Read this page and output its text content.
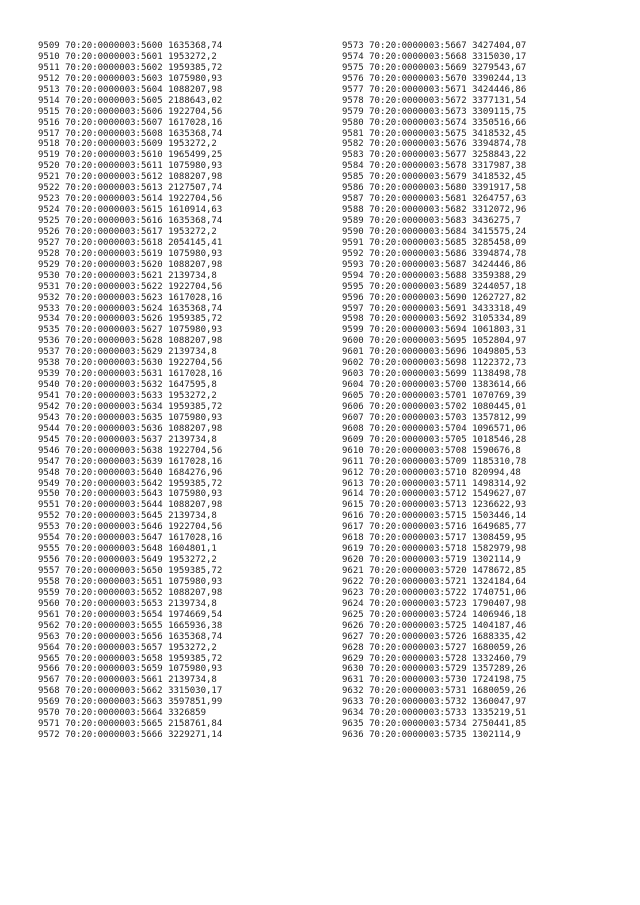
9509 70:20:0000003:5600 1635368,74
9510 70:20:0000003:5601 1953272,2
9511 70:20:0000003:5602 1959385,72
9512 70:20:0000003:5603 1075980,93
9513 70:20:0000003:5604 1088207,98
9514 70:20:0000003:5605 2188643,02
9515 70:20:0000003:5606 1922704,56
9516 70:20:0000003:5607 1617028,16
9517 70:20:0000003:5608 1635368,74
9518 70:20:0000003:5609 1953272,2
9519 70:20:0000003:5610 1965499,25
9520 70:20:0000003:5611 1075980,93
9521 70:20:0000003:5612 1088207,98
9522 70:20:0000003:5613 2127507,74
9523 70:20:0000003:5614 1922704,56
9524 70:20:0000003:5615 1610914,63
9525 70:20:0000003:5616 1635368,74
9526 70:20:0000003:5617 1953272,2
9527 70:20:0000003:5618 2054145,41
9528 70:20:0000003:5619 1075980,93
9529 70:20:0000003:5620 1088207,98
9530 70:20:0000003:5621 2139734,8
9531 70:20:0000003:5622 1922704,56
9532 70:20:0000003:5623 1617028,16
9533 70:20:0000003:5624 1635368,74
9534 70:20:0000003:5626 1959385,72
9535 70:20:0000003:5627 1075980,93
9536 70:20:0000003:5628 1088207,98
9537 70:20:0000003:5629 2139734,8
9538 70:20:0000003:5630 1922704,56
9539 70:20:0000003:5631 1617028,16
9540 70:20:0000003:5632 1647595,8
9541 70:20:0000003:5633 1953272,2
9542 70:20:0000003:5634 1959385,72
9543 70:20:0000003:5635 1075980,93
9544 70:20:0000003:5636 1088207,98
9545 70:20:0000003:5637 2139734,8
9546 70:20:0000003:5638 1922704,56
9547 70:20:0000003:5639 1617028,16
9548 70:20:0000003:5640 1684276,96
9549 70:20:0000003:5642 1959385,72
9550 70:20:0000003:5643 1075980,93
9551 70:20:0000003:5644 1088207,98
9552 70:20:0000003:5645 2139734,8
9553 70:20:0000003:5646 1922704,56
9554 70:20:0000003:5647 1617028,16
9555 70:20:0000003:5648 1604801,1
9556 70:20:0000003:5649 1953272,2
9557 70:20:0000003:5650 1959385,72
9558 70:20:0000003:5651 1075980,93
9559 70:20:0000003:5652 1088207,98
9560 70:20:0000003:5653 2139734,8
9561 70:20:0000003:5654 1974669,54
9562 70:20:0000003:5655 1665936,38
9563 70:20:0000003:5656 1635368,74
9564 70:20:0000003:5657 1953272,2
9565 70:20:0000003:5658 1959385,72
9566 70:20:0000003:5659 1075980,93
9567 70:20:0000003:5661 2139734,8
9568 70:20:0000003:5662 3315030,17
9569 70:20:0000003:5663 3597851,99
9570 70:20:0000003:5664 3326859
9571 70:20:0000003:5665 2158761,84
9572 70:20:0000003:5666 3229271,14
9573 70:20:0000003:5667 3427404,07
9574 70:20:0000003:5668 3315030,17
9575 70:20:0000003:5669 3279543,67
9576 70:20:0000003:5670 3390244,13
9577 70:20:0000003:5671 3424446,86
9578 70:20:0000003:5672 3377131,54
9579 70:20:0000003:5673 3309115,75
9580 70:20:0000003:5674 3350516,66
9581 70:20:0000003:5675 3418532,45
9582 70:20:0000003:5676 3394874,78
9583 70:20:0000003:5677 3258843,22
9584 70:20:0000003:5678 3317987,38
9585 70:20:0000003:5679 3418532,45
9586 70:20:0000003:5680 3391917,58
9587 70:20:0000003:5681 3264757,63
9588 70:20:0000003:5682 3312072,96
9589 70:20:0000003:5683 3436275,7
9590 70:20:0000003:5684 3415575,24
9591 70:20:0000003:5685 3285458,09
9592 70:20:0000003:5686 3394874,78
9593 70:20:0000003:5687 3424446,86
9594 70:20:0000003:5688 3359388,29
9595 70:20:0000003:5689 3244057,18
9596 70:20:0000003:5690 1262727,82
9597 70:20:0000003:5691 3433318,49
9598 70:20:0000003:5692 3105334,89
9599 70:20:0000003:5694 1061803,31
9600 70:20:0000003:5695 1052804,97
9601 70:20:0000003:5696 1049805,53
9602 70:20:0000003:5698 1122372,73
9603 70:20:0000003:5699 1138498,78
9604 70:20:0000003:5700 1383614,66
9605 70:20:0000003:5701 1070769,39
9606 70:20:0000003:5702 1080445,01
9607 70:20:0000003:5703 1357812,99
9608 70:20:0000003:5704 1096571,06
9609 70:20:0000003:5705 1018546,28
9610 70:20:0000003:5708 1590676,8
9611 70:20:0000003:5709 1185310,78
9612 70:20:0000003:5710 820994,48
9613 70:20:0000003:5711 1498314,92
9614 70:20:0000003:5712 1549627,07
9615 70:20:0000003:5713 1236622,93
9616 70:20:0000003:5715 1503446,14
9617 70:20:0000003:5716 1649685,77
9618 70:20:0000003:5717 1308459,95
9619 70:20:0000003:5718 1582979,98
9620 70:20:0000003:5719 1302114,9
9621 70:20:0000003:5720 1478672,85
9622 70:20:0000003:5721 1324184,64
9623 70:20:0000003:5722 1740751,06
9624 70:20:0000003:5723 1790407,98
9625 70:20:0000003:5724 1406946,18
9626 70:20:0000003:5725 1404187,46
9627 70:20:0000003:5726 1688335,42
9628 70:20:0000003:5727 1680059,26
9629 70:20:0000003:5728 1332460,79
9630 70:20:0000003:5729 1357289,26
9631 70:20:0000003:5730 1724198,75
9632 70:20:0000003:5731 1680059,26
9633 70:20:0000003:5732 1360047,97
9634 70:20:0000003:5733 1335219,51
9635 70:20:0000003:5734 2750441,85
9636 70:20:0000003:5735 1302114,9
